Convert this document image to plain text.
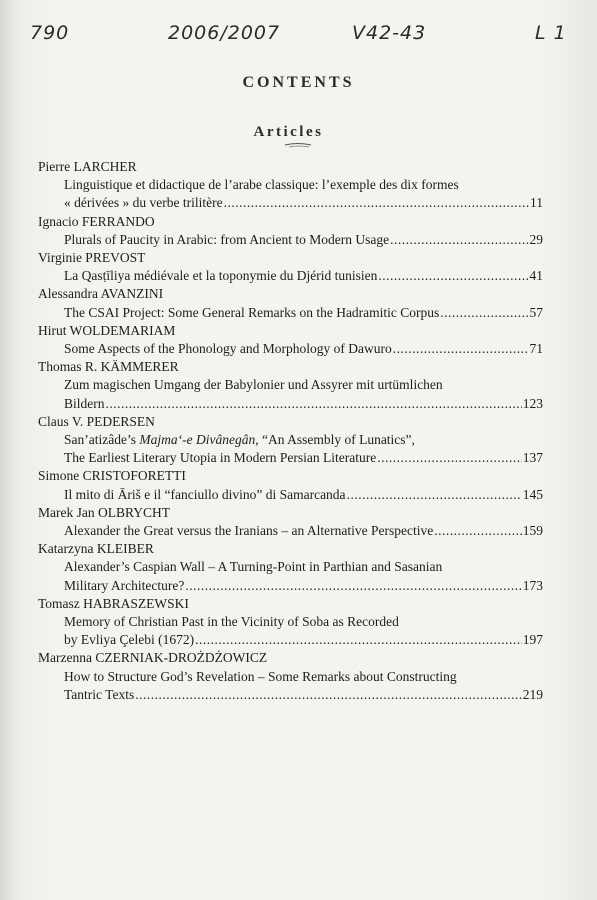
790	2006/2007	V42-43	L 1
CONTENTS
Articles
Pierre LARCHER
Linguistique et didactique de l’arabe classique: l’exemple des dix formes
« dérivées » du verbe trilitère .....	11
Ignacio FERRANDO
Plurals of Paucity in Arabic: from Ancient to Modern Usage .....	29
Virginie PREVOST
La Qasṭīliya médiévale et la toponymie du Djérid tunisien .....	41
Alessandra AVANZINI
The CSAI Project: Some General Remarks on the Hadramitic Corpus .....	57
Hirut WOLDEMARIAM
Some Aspects of the Phonology and Morphology of Dawuro .....	71
Thomas R. KÄMMERER
Zum magischen Umgang der Babylonier und Assyrer mit urtümlichen
Bildern .....	123
Claus V. PEDERSEN
San’atizâde’s Majma‘-e Divânegân, “An Assembly of Lunatics”,
The Earliest Literary Utopia in Modern Persian Literature .....	137
Simone CRISTOFORETTI
Il mito di Āriš e il “fanciullo divino” di Samarcanda .....	145
Marek Jan OLBRYCHT
Alexander the Great versus the Iranians – an Alternative Perspective .....	159
Katarzyna KLEIBER
Alexander’s Caspian Wall – A Turning-Point in Parthian and Sasanian
Military Architecture? .....	173
Tomasz HABRASZEWSKI
Memory of Christian Past in the Vicinity of Soba as Recorded
by Evliya Çelebi (1672) .....	197
Marzenna CZERNIAK-DROŻDŻOWICZ
How to Structure God’s Revelation – Some Remarks about Constructing
Tantric Texts .....	219
